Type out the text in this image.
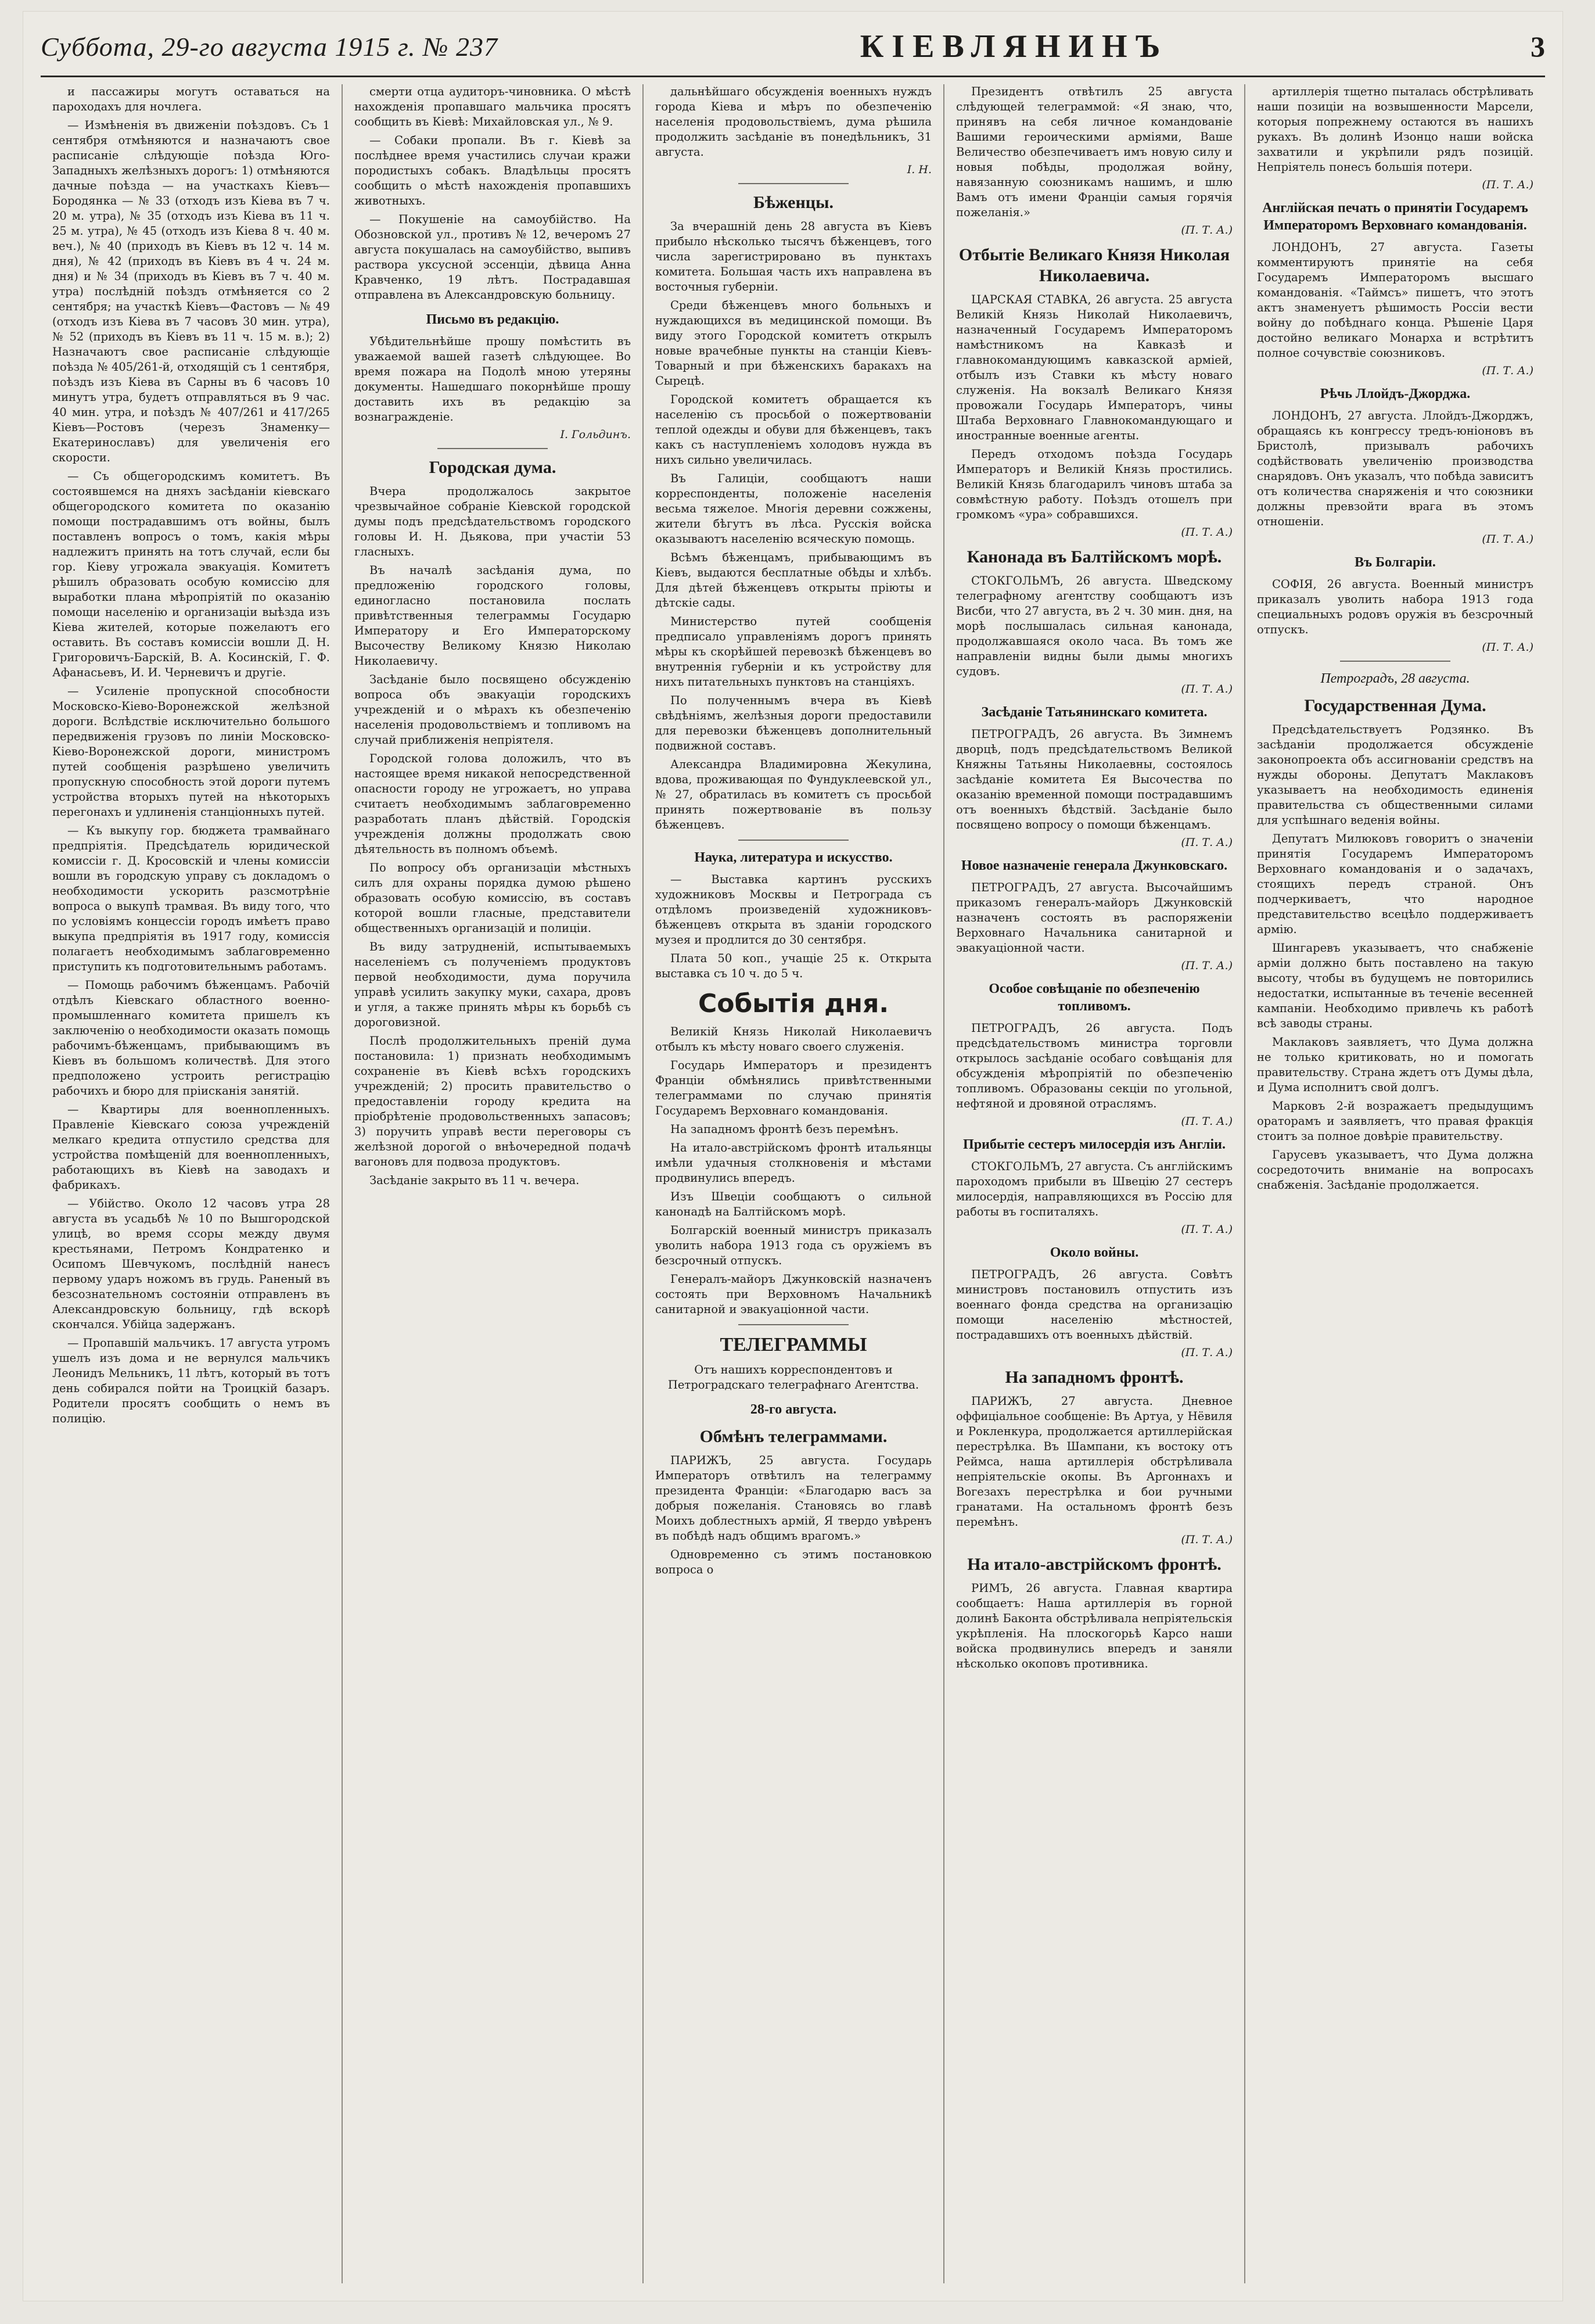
Суббота, 29-го августа 1915 г. № 237	КІЕВЛЯНИНЪ	3

и пассажиры могутъ оставаться на пароходахъ для ночлега.

— Измѣненія въ движеніи поѣздовъ. Съ 1 сентября отмѣняются и назначаютъ свое расписаніе слѣдующіе поѣзда Юго-Западныхъ желѣзныхъ дорогъ: 1) отмѣняются дачные поѣзда — на участкахъ Кіевъ—Бородянка — № 33 (отходъ изъ Кіева въ 7 ч. 20 м. утра), № 35 (отходъ изъ Кіева въ 11 ч. 25 м. утра), № 45 (отходъ изъ Кіева 8 ч. 40 м. веч.), № 40 (приходъ въ Кіевъ въ 12 ч. 14 м. дня), № 42 (приходъ въ Кіевъ въ 4 ч. 24 м. дня) и № 34 (приходъ въ Кіевъ въ 7 ч. 40 м. утра) послѣдній поѣздъ отмѣняется со 2 сентября; на участкѣ Кіевъ—Фастовъ — № 49 (отходъ изъ Кіева въ 7 часовъ 30 мин. утра), № 52 (приходъ въ Кіевъ въ 11 ч. 15 м. в.); 2) Назначаютъ свое расписаніе слѣдующіе поѣзда № 405/261-й, отходящій съ 1 сентября, поѣздъ изъ Кіева въ Сарны въ 6 часовъ 10 минутъ утра, будетъ отправляться въ 9 час. 40 мин. утра, и поѣздъ № 407/261 и 417/265 Кіевъ—Ростовъ (черезъ Знаменку—Екатеринославъ) для увеличенія его скорости.

— Съ общегородскимъ комитетъ. Въ состоявшемся на дняхъ засѣданіи кіевскаго общегородского комитета по оказанію помощи пострадавшимъ отъ войны, былъ поставленъ вопросъ о томъ, какія мѣры надлежитъ принять на тотъ случай, если бы гор. Кіеву угрожала эвакуація. Комитетъ рѣшилъ образовать особую комиссію для выработки плана мѣропріятій по оказанію помощи населенію и организаціи выѣзда изъ Кіева жителей, которые пожелаютъ его оставить. Въ составъ комиссіи вошли Д. Н. Григоровичъ-Барскій, В. А. Косинскій, Г. Ф. Афанасьевъ, И. И. Черневичъ и другіе.

— Усиленіе пропускной способности Московско-Кіево-Воронежской желѣзной дороги. Вслѣдствіе исключительно большого передвиженія грузовъ по линіи Московско-Кіево-Воронежской дороги, министромъ путей сообщенія разрѣшено увеличить пропускную способность этой дороги путемъ устройства вторыхъ путей на нѣкоторыхъ перегонахъ и удлиненія станціонныхъ путей.

— Къ выкупу гор. бюджета трамвайнаго предпріятія. Предсѣдатель юридической комиссіи г. Д. Кросовскій и члены комиссіи вошли въ городскую управу съ докладомъ о необходимости ускорить разсмотрѣніе вопроса о выкупѣ трамвая. Въ виду того, что по условіямъ концессіи городъ имѣетъ право выкупа предпріятія въ 1917 году, комиссія полагаетъ необходимымъ заблаговременно приступить къ подготовительнымъ работамъ.

— Помощь рабочимъ бѣженцамъ. Рабочій отдѣлъ Кіевскаго областного военно-промышленнаго комитета пришелъ къ заключенію о необходимости оказать помощь рабочимъ-бѣженцамъ, прибывающимъ въ Кіевъ въ большомъ количествѣ. Для этого предположено устроить регистрацію рабочихъ и бюро для пріисканія занятій.

— Квартиры для военнопленныхъ. Правленіе Кіевскаго союза учрежденій мелкаго кредита отпустило средства для устройства помѣщеній для военнопленныхъ, работающихъ въ Кіевѣ на заводахъ и фабрикахъ.

— Убійство. Около 12 часовъ утра 28 августа въ усадьбѣ № 10 по Вышгородской улицѣ, во время ссоры между двумя крестьянами, Петромъ Кондратенко и Осипомъ Шевчукомъ, послѣдній нанесъ первому ударъ ножомъ въ грудь. Раненый въ безсознательномъ состояніи отправленъ въ Александровскую больницу, гдѣ вскорѣ скончался. Убійца задержанъ.

— Пропавшій мальчикъ. 17 августа утромъ ушелъ изъ дома и не вернулся мальчикъ Леонидъ Мельникъ, 11 лѣтъ, который въ тотъ день собирался пойти на Троицкій базаръ. Родители просятъ сообщить о немъ въ полицію.

смерти отца аудиторъ-чиновника. О мѣстѣ нахожденія пропавшаго мальчика просятъ сообщить въ Кіевѣ: Михайловская ул., № 9.

— Собаки пропали. Въ г. Кіевѣ за послѣднее время участились случаи кражи породистыхъ собакъ. Владѣльцы просятъ сообщить о мѣстѣ нахожденія пропавшихъ животныхъ.

— Покушеніе на самоубійство. На Обозновской ул., противъ № 12, вечеромъ 27 августа покушалась на самоубійство, выпивъ раствора уксусной эссенціи, дѣвица Анна Кравченко, 19 лѣтъ. Пострадавшая отправлена въ Александровскую больницу.

Письмо въ редакцію.

Убѣдительнѣйше прошу помѣстить въ уважаемой вашей газетѣ слѣдующее. Во время пожара на Подолѣ мною утеряны документы. Нашедшаго покорнѣйше прошу доставить ихъ въ редакцію за вознагражденіе.

І. Гольдинъ.

Городская дума.

Вчера продолжалось закрытое чрезвычайное собраніе Кіевской городской думы подъ предсѣдательствомъ городского головы И. Н. Дьякова, при участіи 53 гласныхъ.

Въ началѣ засѣданія дума, по предложенію городского головы, единогласно постановила послать привѣтственныя телеграммы Государю Императору и Его Императорскому Высочеству Великому Князю Николаю Николаевичу.

Засѣданіе было посвящено обсужденію вопроса объ эвакуаціи городскихъ учрежденій и о мѣрахъ къ обезпеченію населенія продовольствіемъ и топливомъ на случай приближенія непріятеля.

Городской голова доложилъ, что въ настоящее время никакой непосредственной опасности городу не угрожаетъ, но управа считаетъ необходимымъ заблаговременно разработать планъ дѣйствій. Городскія учрежденія должны продолжать свою дѣятельность въ полномъ объемѣ.

По вопросу объ организаціи мѣстныхъ силъ для охраны порядка думою рѣшено образовать особую комиссію, въ составъ которой вошли гласные, представители общественныхъ организацій и полиціи.

Въ виду затрудненій, испытываемыхъ населеніемъ съ полученіемъ продуктовъ первой необходимости, дума поручила управѣ усилить закупку муки, сахара, дровъ и угля, а также принять мѣры къ борьбѣ съ дороговизной.

Послѣ продолжительныхъ преній дума постановила: 1) признать необходимымъ сохраненіе въ Кіевѣ всѣхъ городскихъ учрежденій; 2) просить правительство о предоставленіи городу кредита на пріобрѣтеніе продовольственныхъ запасовъ; 3) поручить управѣ вести переговоры съ желѣзной дорогой о внѣочередной подачѣ вагоновъ для подвоза продуктовъ.

Засѣданіе закрыто въ 11 ч. вечера.

дальнѣйшаго обсужденія военныхъ нуждъ города Кіева и мѣръ по обезпеченію населенія продовольствіемъ, дума рѣшила продолжить засѣданіе въ понедѣльникъ, 31 августа.

І. Н.

Бѣженцы.

За вчерашній день 28 августа въ Кіевъ прибыло нѣсколько тысячъ бѣженцевъ, того числа зарегистрировано въ пунктахъ комитета. Большая часть ихъ направлена въ восточныя губерніи.

Среди бѣженцевъ много больныхъ и нуждающихся въ медицинской помощи. Въ виду этого Городской комитетъ открылъ новые врачебные пункты на станціи Кіевъ-Товарный и при бѣженскихъ баракахъ на Сырецѣ.

Городской комитетъ обращается къ населенію съ просьбой о пожертвованіи теплой одежды и обуви для бѣженцевъ, такъ какъ съ наступленіемъ холодовъ нужда въ нихъ сильно увеличилась.

Въ Галиціи, сообщаютъ наши корреспонденты, положеніе населенія весьма тяжелое. Многія деревни сожжены, жители бѣгутъ въ лѣса. Русскія войска оказываютъ населенію всяческую помощь.

Всѣмъ бѣженцамъ, прибывающимъ въ Кіевъ, выдаются бесплатные обѣды и хлѣбъ. Для дѣтей бѣженцевъ открыты пріюты и дѣтскіе сады.

Министерство путей сообщенія предписало управленіямъ дорогъ принять мѣры къ скорѣйшей перевозкѣ бѣженцевъ во внутреннія губерніи и къ устройству для нихъ питательныхъ пунктовъ на станціяхъ.

По полученнымъ вчера въ Кіевѣ свѣдѣніямъ, желѣзныя дороги предоставили для перевозки бѣженцевъ дополнительный подвижной составъ.

Александра Владимировна Жекулина, вдова, проживающая по Фундуклеевской ул., № 27, обратилась въ комитетъ съ просьбой принять пожертвованіе въ пользу бѣженцевъ.

Наука, литература и искусство.

— Выставка картинъ русскихъ художниковъ Москвы и Петрограда съ отдѣломъ произведеній художниковъ-бѣженцевъ открыта въ зданіи городского музея и продлится до 30 сентября.

Плата 50 коп., учащіе 25 к. Открыта выставка съ 10 ч. до 5 ч.

Событія дня.

Великій Князь Николай Николаевичъ отбылъ къ мѣсту новаго своего служенія.

Государь Императоръ и президентъ Франціи обмѣнялись привѣтственными телеграммами по случаю принятія Государемъ Верховнаго командованія.

На западномъ фронтѣ безъ перемѣнъ.

На итало-австрійскомъ фронтѣ итальянцы имѣли удачныя столкновенія и мѣстами продвинулись впередъ.

Изъ Швеціи сообщаютъ о сильной канонадѣ на Балтійскомъ морѣ.

Болгарскій военный министръ приказалъ уволить набора 1913 года съ оружіемъ въ безсрочный отпускъ.

Генералъ-майоръ Джунковскій назначенъ состоять при Верховномъ Начальникѣ санитарной и эвакуаціонной части.

ТЕЛЕГРАММЫ

Отъ нашихъ корреспондентовъ и Петроградскаго телеграфнаго Агентства.

28-го августа.
Обмѣнъ телеграммами.

ПАРИЖЪ, 25 августа. Государь Императоръ отвѣтилъ на телеграмму президента Франціи: «Благодарю васъ за добрыя пожеланія. Становясь во главѣ Моихъ доблестныхъ армій, Я твердо увѣренъ въ побѣдѣ надъ общимъ врагомъ.»

Одновременно съ этимъ постановкою вопроса о

Президентъ отвѣтилъ 25 августа слѣдующей телеграммой: «Я знаю, что, принявъ на себя личное командованіе Вашими героическими арміями, Ваше Величество обезпечиваетъ имъ новую силу и новыя побѣды, продолжая войну, навязанную союзникамъ нашимъ, и шлю Вамъ отъ имени Франціи самыя горячія пожеланія.»

(П. Т. А.)

Отбытіе Великаго Князя Николая Николаевича.

ЦАРСКАЯ СТАВКА, 26 августа. 25 августа Великій Князь Николай Николаевичъ, назначенный Государемъ Императоромъ намѣстникомъ на Кавказѣ и главнокомандующимъ кавказской арміей, отбылъ изъ Ставки къ мѣсту новаго служенія. На вокзалѣ Великаго Князя провожали Государь Императоръ, чины Штаба Верховнаго Главнокомандующаго и иностранные военные агенты.

Передъ отходомъ поѣзда Государь Императоръ и Великій Князь простились. Великій Князь благодарилъ чиновъ штаба за совмѣстную работу. Поѣздъ отошелъ при громкомъ «ура» собравшихся.

(П. Т. А.)

Канонада въ Балтійскомъ морѣ.

СТОКГОЛЬМЪ, 26 августа. Шведскому телеграфному агентству сообщаютъ изъ Висби, что 27 августа, въ 2 ч. 30 мин. дня, на морѣ послышалась сильная канонада, продолжавшаяся около часа. Въ томъ же направленіи видны были дымы многихъ судовъ.

(П. Т. А.)

Засѣданіе Татьянинскаго комитета.

ПЕТРОГРАДЪ, 26 августа. Въ Зимнемъ дворцѣ, подъ предсѣдательствомъ Великой Княжны Татьяны Николаевны, состоялось засѣданіе комитета Ея Высочества по оказанію временной помощи пострадавшимъ отъ военныхъ бѣдствій. Засѣданіе было посвящено вопросу о помощи бѣженцамъ.

(П. Т. А.)

Новое назначеніе генерала Джунковскаго.

ПЕТРОГРАДЪ, 27 августа. Высочайшимъ приказомъ генералъ-майоръ Джунковскій назначенъ состоять въ распоряженіи Верховнаго Начальника санитарной и эвакуаціонной части.

(П. Т. А.)

Особое совѣщаніе по обезпеченію топливомъ.

ПЕТРОГРАДЪ, 26 августа. Подъ предсѣдательствомъ министра торговли открылось засѣданіе особаго совѣщанія для обсужденія мѣропріятій по обезпеченію топливомъ. Образованы секціи по угольной, нефтяной и дровяной отраслямъ.

(П. Т. А.)

Прибытіе сестеръ милосердія изъ Англіи.

СТОКГОЛЬМЪ, 27 августа. Съ англійскимъ пароходомъ прибыли въ Швецію 27 сестеръ милосердія, направляющихся въ Россію для работы въ госпиталяхъ.

(П. Т. А.)

Около войны.

ПЕТРОГРАДЪ, 26 августа. Совѣтъ министровъ постановилъ отпустить изъ военнаго фонда средства на организацію помощи населенію мѣстностей, пострадавшихъ отъ военныхъ дѣйствій.

(П. Т. А.)

На западномъ фронтѣ.

ПАРИЖЪ, 27 августа. Дневное оффиціальное сообщеніе: Въ Артуа, у Нёвиля и Рокленкура, продолжается артиллерійская перестрѣлка. Въ Шампани, къ востоку отъ Реймса, наша артиллерія обстрѣливала непріятельскіе окопы. Въ Аргоннахъ и Вогезахъ перестрѣлка и бои ручными гранатами. На остальномъ фронтѣ безъ перемѣнъ.

(П. Т. А.)

На итало-австрійскомъ фронтѣ.

РИМЪ, 26 августа. Главная квартира сообщаетъ: Наша артиллерія въ горной долинѣ Баконта обстрѣливала непріятельскія укрѣпленія. На плоскогорьѣ Карсо наши войска продвинулись впередъ и заняли нѣсколько окоповъ противника.

артиллерія тщетно пыталась обстрѣливать наши позиціи на возвышенности Марсели, которыя попрежнему остаются въ нашихъ рукахъ. Въ долинѣ Изонцо наши войска захватили и укрѣпили рядъ позицій. Непріятель понесъ большія потери.

(П. Т. А.)

Англійская печать о принятіи Государемъ Императоромъ Верховнаго командованія.

ЛОНДОНЪ, 27 августа. Газеты комментируютъ принятіе на себя Государемъ Императоромъ высшаго командованія. «Таймсъ» пишетъ, что этотъ актъ знаменуетъ рѣшимость Россіи вести войну до побѣднаго конца. Рѣшеніе Царя достойно великаго Монарха и встрѣтитъ полное сочувствіе союзниковъ.

(П. Т. А.)

Рѣчь Ллойдъ-Джорджа.

ЛОНДОНЪ, 27 августа. Ллойдъ-Джорджъ, обращаясь къ конгрессу тредъ-юніоновъ въ Бристолѣ, призывалъ рабочихъ содѣйствовать увеличенію производства снарядовъ. Онъ указалъ, что побѣда зависитъ отъ количества снаряженія и что союзники должны превзойти врага въ этомъ отношеніи.

(П. Т. А.)

Въ Болгаріи.

СОФІЯ, 26 августа. Военный министръ приказалъ уволить набора 1913 года специальныхъ родовъ оружія въ безсрочный отпускъ.

(П. Т. А.)

Петроградъ, 28 августа.
Государственная Дума.

Предсѣдательствуетъ Родзянко. Въ засѣданіи продолжается обсужденіе законопроекта объ ассигнованіи средствъ на нужды обороны. Депутатъ Маклаковъ указываетъ на необходимость единенія правительства съ общественными силами для успѣшнаго веденія войны.

Депутатъ Милюковъ говоритъ о значеніи принятія Государемъ Императоромъ Верховнаго командованія и о задачахъ, стоящихъ передъ страной. Онъ подчеркиваетъ, что народное представительство всецѣло поддерживаетъ армію.

Шингаревъ указываетъ, что снабженіе арміи должно быть поставлено на такую высоту, чтобы въ будущемъ не повторились недостатки, испытанные въ теченіе весенней кампаніи. Необходимо привлечь къ работѣ всѣ заводы страны.

Маклаковъ заявляетъ, что Дума должна не только критиковать, но и помогать правительству. Страна ждетъ отъ Думы дѣла, и Дума исполнитъ свой долгъ.

Марковъ 2-й возражаетъ предыдущимъ ораторамъ и заявляетъ, что правая фракція стоитъ за полное довѣріе правительству.

Гарусевъ указываетъ, что Дума должна сосредоточить вниманіе на вопросахъ снабженія. Засѣданіе продолжается.
